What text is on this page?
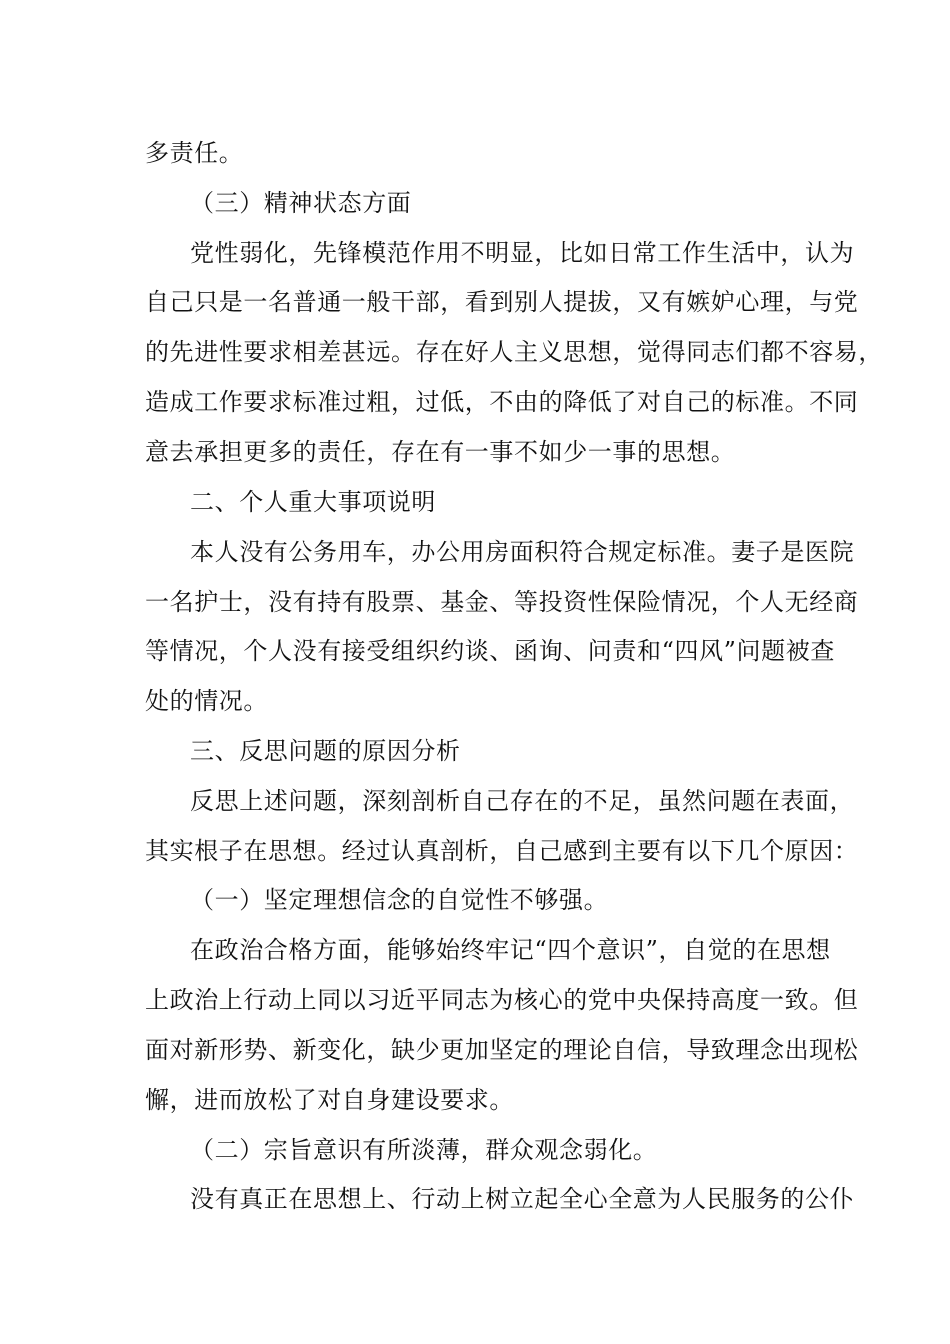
多责任。
（三）精神状态方面
党性弱化，先锋模范作用不明显，比如日常工作生活中，认为
自己只是一名普通一般干部，看到别人提拔，又有嫉妒心理，与党
的先进性要求相差甚远。存在好人主义思想，觉得同志们都不容易，
造成工作要求标准过粗，过低，不由的降低了对自己的标准。不同
意去承担更多的责任，存在有一事不如少一事的思想。
二、个人重大事项说明
本人没有公务用车，办公用房面积符合规定标准。妻子是医院
一名护士，没有持有股票、基金、等投资性保险情况，个人无经商
等情况，个人没有接受组织约谈、函询、问责和“四风”问题被查
处的情况。
三、反思问题的原因分析
反思上述问题，深刻剖析自己存在的不足，虽然问题在表面，
其实根子在思想。经过认真剖析，自己感到主要有以下几个原因：
（一）坚定理想信念的自觉性不够强。
在政治合格方面，能够始终牢记“四个意识”，自觉的在思想
上政治上行动上同以习近平同志为核心的党中央保持高度一致。但
面对新形势、新变化，缺少更加坚定的理论自信，导致理念出现松
懈，进而放松了对自身建设要求。
（二）宗旨意识有所淡薄，群众观念弱化。
没有真正在思想上、行动上树立起全心全意为人民服务的公仆
